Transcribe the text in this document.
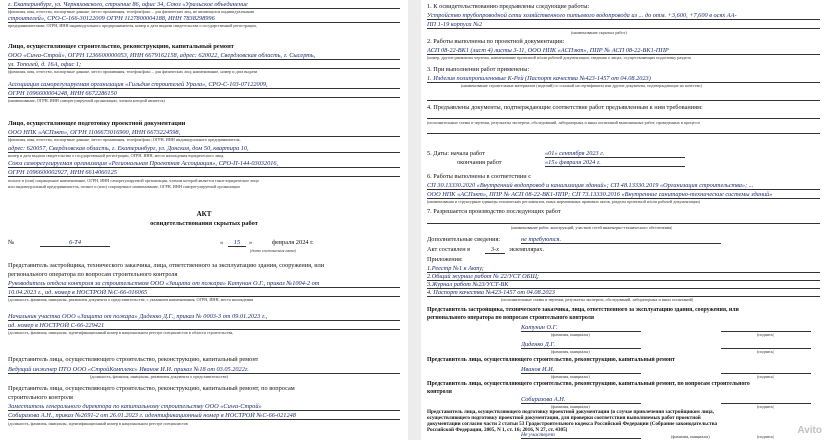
г. Екатеринбург, ул. Черняховского, строение 86, офис 34, Союз «Уральское объединение
(фамилия, имя, отчество, паспортные данные, место проживания, телефон/факс – для физических лиц, не являющихся индивидуальными
строителей», СРО-С-166-30122009 ОГРН 1127800004188, ИНН 7838298996
предпринимателями; ОГРН, ИНН индивидуального предпринимателя, номер и дата выдачи свидетельства о государственной регистрации,
Лицо, осуществляющее строительство, реконструкцию, капитальный ремонт
ООО «Сиwa-Строй», ОГРН 1236600000053, ИНН 6679162158, адрес: 620022, Свердловская область, г. Сысерть,
ул. Тополей, д. 16А, офис 1;
(фамилия, имя, отчество, паспортные данные, место проживания, телефон/факс – для физических лиц; наименование, номер и дата выдачи
Ассоциация саморегулируемая организация «Гильдия строителей Урала», СРО-С-103-07122009,
ОГРН 1096600004248, ИНН 6672286150
(наименование, ОГРН, ИНН саморегулируемой организации, членом которой является)
Лицо, осуществляющее подготовку проектной документации
ООО НПК «АСПэкт», ОГРН 1106673016900, ИНН 6673224598,
(фамилия, имя, отчество, паспортные данные, место проживания, телефон/факс; ОГРН, ИНН индивидуального предпринимателя,
адрес: 620057, Свердловская область, г. Екатеринбург, ул. Донская, дом 50, квартира 10,
номер и дата выдачи свидетельства о государственной регистрации, ОГРН, ИНН, место нахождения юридического лица,
Союз саморегулируемая организация «Региональная Проектная Ассоциация», СРО-П-144-03032016,
ОГРН 1096600002927, ИНН 6614060125
полное и (или) сокращенное наименование, ОГРН, ИНН саморегулируемой организации, членом которой является такое юридическое лицо
или индивидуальный предприниматель, полное и (или) сокращенное наименование, ОГРН, ИНН саморегулируемой организации
АКТ
освидетельствования скрытых работ
№	6-Т4	«	15	»	февраля 2024 г.
(дата составления акта)
Представитель застройщика, технического заказчика, лица, ответственного за эксплуатацию здания, сооружения, или
регионального оператора по вопросам строительного контроля
Руководитель отдела контроля за строительством ООО «Защита от пожара» Катунин О.Г., приказ №1004-2 от
10.04.2023 г., ид. номер в НОСТРОЙ №С-66-016065
(должность, фамилия, инициалы, реквизиты документа о представительстве, с указанием наименования, ОГРН, ИНН, места нахождения
Начальник участка ООО «Защита от пожара» Диденко Д.Г., приказ № 0003-3 от 09.01.2023 г.,
ид. номер в НОСТРОЙ С-66-229421
(должность, фамилия, инициалы, идентификационный номер в национальном реестре специалистов в области строительства,
Представитель лица, осуществляющего строительство, реконструкцию, капитальный ремонт
Ведущий инженер ПТО ООО «СтройКомплекс» Иванов И.И. приказ №18 от 03.05.2022г.
(должность, фамилия, инициалы, реквизиты документа о представительстве)
Представитель лица, осуществляющего строительство, реконструкцию, капитальный ремонт, по вопросам
строительного контроля
Заместитель генерального директора по капитальному строительству ООО «Сиwa-Строй»
Собиразова А.Н., приказ №2691-2 от 26.01.2023 г. идентификационный номер в НОСТРОЙ №С-66-021248
(должность, фамилия, инициалы, идентификационный номер в национальном реестре специалистов
1. К освидетельствованию предъявлены следующие работы:
Устройство трубопроводной сети хозяйственного питьевого водопровода из ... до отм. +3,600, +7,600 в осях АА-
ПП 1-19 корпуса №2
(наименование скрытых работ)
2. Работы выполнены по проектной документации:
АСП 08-22-ВК1 (лист 4) листы 3-11, ООО НПК «АСПэкт», ППР № АСП 08-22-ВК1-ППР
(номер, другие реквизиты чертежа, наименование проектной и/или рабочей документации, сведения о лицах, осуществляющих подготовку раздела
3. При выполнении работ применены:
1. Изделия полипропиленовые К-Рей (Паспорт качества №423-1457 от 04.08.2023)
(наименование строительных материалов (изделий) со ссылкой на сертификаты или другие документы, подтверждающие их качество)
4. Предъявлены документы, подтверждающие соответствие работ предъявленным к ним требованиям:
(исполнительные схемы и чертежи, результаты экспертиз, обследований, лабораторных и иных испытаний выполненных работ, проведенных в процессе
5. Даты: начала работ	«01» сентября 2023 г.
окончания работ	«15» февраля 2024 г.
6. Работы выполнены в соответствии с
СП 30.13330.2020 «Внутренний водопровод и канализация зданий»; СП 48.13330.2019 «Организация строительства»; ...
ООО НПК «АСПэкт», ППР № АСП 08-22-ВК1-ППР; СП 73.13330.2016 «Внутренние санитарно-технические системы зданий»
(наименования и структурные единицы технических регламентов, иных нормативных правовых актов, разделы проектной и/или рабочей документации)
7. Разрешается производство последующих работ
(наименование работ, конструкций, участков сетей инженерно-технического обеспечения)
Дополнительные сведения:	не требуются.
Акт составлен в	3-х	экземплярах.
Приложения:
1.Реестр №1 к Акту;
2.Общий журнал работ № 22/УСТ ОБЩ;
3.Журнал работ №23/УСТ-ВК
4. Паспорт качества №423-1457 от 04.08.2023
(исполнительные схемы и чертежи, результаты экспертиз, обследований, лабораторных и иных испытаний)
Представитель застройщика, технического заказчика, лица, ответственного за эксплуатацию здания, сооружения, или
регионального оператора по вопросам строительного контроля
Катунин О.Г.
(фамилия, инициалы)	(подпись)
Диденко Д.Г.
(фамилия, инициалы)	(подпись)
Представитель лица, осуществляющего строительство, реконструкцию, капитальный ремонт
Иванов И.И.
(фамилия, инициалы)	(подпись)
Представитель лица, осуществляющего строительство, реконструкцию, капитальный ремонт, по вопросам строительного
контроля
Собиразова А.Н.
(фамилия, инициалы)	(подпись)
Представитель лица, осуществляющего подготовку проектной документации (в случае привлечения застройщиком лица,
осуществляющего подготовку проектной документации, для проверки соответствия выполняемых работ проектной
документации согласно части 2 статьи 53 Градостроительного кодекса Российской Федерации (Собрание законодательства
Российской Федерации, 2005, N 1, ст. 16; 2016, N 27, ст. 4305)
Не участвует	(фамилия, инициалы)	(подпись)
Avito
